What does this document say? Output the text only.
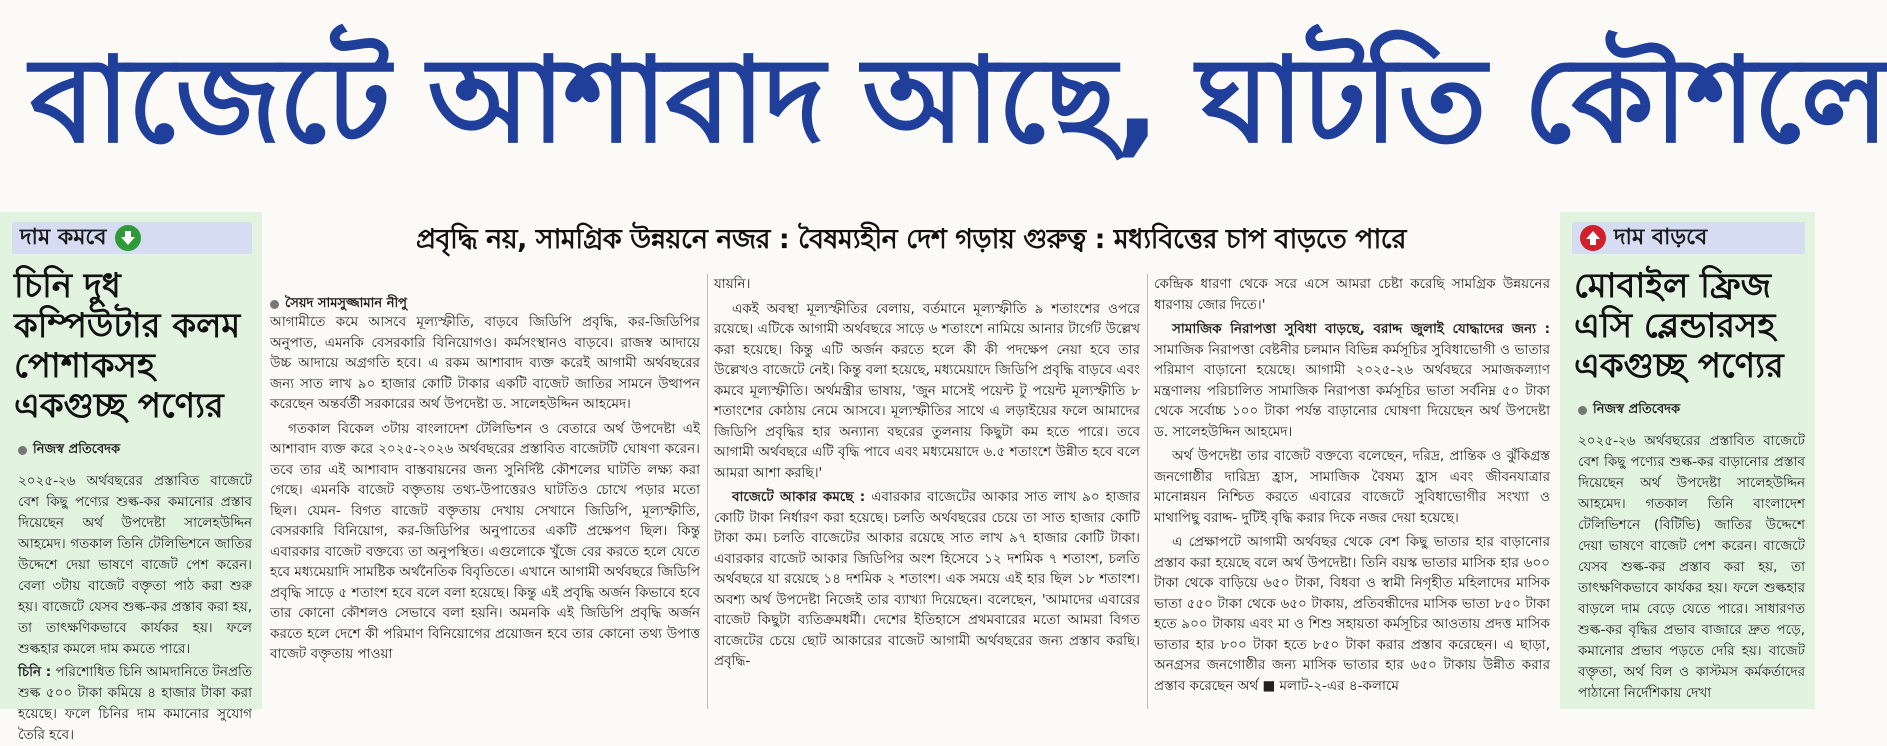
বাজেটে আশাবাদ আছে, ঘাটতি কৌশলে
দাম কমবে
চিনি দুধ কম্পিউটার কলম পোশাকসহ একগুচ্ছ পণ্যের
নিজস্ব প্রতিবেদক
২০২৫-২৬ অর্থবছরের প্রস্তাবিত বাজেটে বেশ কিছু পণ্যের শুল্ক-কর কমানোর প্রস্তাব দিয়েছেন অর্থ উপদেষ্টা সালেহউদ্দিন আহমেদ। গতকাল তিনি টেলিভিশনে জাতির উদ্দেশে দেয়া ভাষণে বাজেট পেশ করেন। বেলা ৩টায় বাজেট বক্তৃতা পাঠ করা শুরু হয়। বাজেটে যেসব শুল্ক-কর প্রস্তাব করা হয়, তা তাৎক্ষণিকভাবে কার্যকর হয়। ফলে শুল্কহার কমলে দাম কমতে পারে।
চিনি : পরিশোধিত চিনি আমদানিতে টনপ্রতি শুল্ক ৫০০ টাকা কমিয়ে ৪ হাজার টাকা করা হয়েছে। ফলে চিনির দাম কমানোর সুযোগ তৈরি হবে।
প্রবৃদ্ধি নয়, সামগ্রিক উন্নয়নে নজর : বৈষম্যহীন দেশ গড়ায় গুরুত্ব : মধ্যবিত্তের চাপ বাড়তে পারে
সৈয়দ সামসুজ্জামান নীপু

আগামীতে কমে আসবে মূল্যস্ফীতি, বাড়বে জিডিপি প্রবৃদ্ধি, কর-জিডিপির অনুপাত, এমনকি বেসরকারি বিনিয়োগও। কর্মসংস্থানও বাড়বে। রাজস্ব আদায়ে উচ্চ আদায়ে অগ্রগতি হবে। এ রকম আশাবাদ ব্যক্ত করেই আগামী অর্থবছরের জন্য সাত লাখ ৯০ হাজার কোটি টাকার একটি বাজেট জাতির সামনে উত্থাপন করেছেন অন্তর্বর্তী সরকারের অর্থ উপদেষ্টা ড. সালেহউদ্দিন আহমেদ।

গতকাল বিকেল ৩টায় বাংলাদেশ টেলিভিশন ও বেতারে অর্থ উপদেষ্টা এই আশাবাদ ব্যক্ত করে ২০২৫-২০২৬ অর্থবছরের প্রস্তাবিত বাজেটটি ঘোষণা করেন। তবে তার এই আশাবাদ বাস্তবায়নের জন্য সুনির্দিষ্ট কৌশলের ঘাটতি লক্ষ্য করা গেছে। এমনকি বাজেট বক্তৃতায় তথ্য-উপাত্তেরও ঘাটতিও চোখে পড়ার মতো ছিল। যেমন- বিগত বাজেট বক্তৃতায় দেখায় সেখানে জিডিপি, মূল্যস্ফীতি, বেসরকারি বিনিয়োগ, কর-জিডিপির অনুপাতের একটি প্রক্ষেপণ ছিল। কিন্তু এবারকার বাজেট বক্তব্যে তা অনুপস্থিত। এগুলোকে খুঁজে বের করতে হলে যেতে হবে মধ্যমেয়াদি সামষ্টিক অর্থনৈতিক বিবৃতিতে। এখানে আগামী অর্থবছরে জিডিপি প্রবৃদ্ধি সাড়ে ৫ শতাংশ হবে বলে বলা হয়েছে। কিন্তু এই প্রবৃদ্ধি অর্জন কিভাবে হবে তার কোনো কৌশলও সেভাবে বলা হয়নি। অমনকি এই জিডিপি প্রবৃদ্ধি অর্জন করতে হলে দেশে কী পরিমাণ বিনিয়োগের প্রয়োজন হবে তার কোনো তথ্য উপাত্ত বাজেট বক্তৃতায় পাওয়া

যায়নি।

একই অবস্থা মূল্যস্ফীতির বেলায়, বর্তমানে মূল্যস্ফীতি ৯ শতাংশের ওপরে রয়েছে। এটিকে আগামী অর্থবছরে সাড়ে ৬ শতাংশে নামিয়ে আনার টার্গেট উল্লেখ করা হয়েছে। কিন্তু এটি অর্জন করতে হলে কী কী পদক্ষেপ নেয়া হবে তার উল্লেখও বাজেটে নেই। কিন্তু বলা হয়েছে, মধ্যমেয়াদে জিডিপি প্রবৃদ্ধি বাড়বে এবং কমবে মূল্যস্ফীতি। অর্থমন্ত্রীর ভাষায়, 'জুন মাসেই পয়েন্ট টু পয়েন্ট মূল্যস্ফীতি ৮ শতাংশের কোঠায় নেমে আসবে। মূল্যস্ফীতির সাথে এ লড়াইয়ের ফলে আমাদের জিডিপি প্রবৃদ্ধির হার অন্যান্য বছরের তুলনায় কিছুটা কম হতে পারে। তবে আগামী অর্থবছরে এটি বৃদ্ধি পাবে এবং মধ্যমেয়াদে ৬.৫ শতাংশে উন্নীত হবে বলে আমরা আশা করছি।'

বাজেটে আকার কমছে : এবারকার বাজেটের আকার সাত লাখ ৯০ হাজার কোটি টাকা নির্ধারণ করা হয়েছে। চলতি অর্থবছরের চেয়ে তা সাত হাজার কোটি টাকা কম। চলতি বাজেটের আকার রয়েছে সাত লাখ ৯৭ হাজার কোটি টাকা। এবারকার বাজেট আকার জিডিপির অংশ হিসেবে ১২ দশমিক ৭ শতাংশ, চলতি অর্থবছরে যা রয়েছে ১৪ দশমিক ২ শতাংশ। এক সময়ে এই হার ছিল ১৮ শতাংশ। অবশ্য অর্থ উপদেষ্টা নিজেই তার ব্যাখ্যা দিয়েছেন। বলেছেন, 'আমাদের এবারের বাজেট কিছুটা ব্যতিক্রমধর্মী। দেশের ইতিহাসে প্রথমবারের মতো আমরা বিগত বাজেটের চেয়ে ছোট আকারের বাজেট আগামী অর্থবছরের জন্য প্রস্তাব করছি। প্রবৃদ্ধি-

কেন্দ্রিক ধারণা থেকে সরে এসে আমরা চেষ্টা করেছি সামগ্রিক উন্নয়নের ধারণায় জোর দিতে।'

সামাজিক নিরাপত্তা সুবিধা বাড়ছে, বরাদ্দ জুলাই যোদ্ধাদের জন্য : সামাজিক নিরাপত্তা বেষ্টনীর চলমান বিভিন্ন কর্মসূচির সুবিধাভোগী ও ভাতার পরিমাণ বাড়ানো হয়েছে। আগামী ২০২৫-২৬ অর্থবছরে সমাজকল্যাণ মন্ত্রণালয় পরিচালিত সামাজিক নিরাপত্তা কর্মসূচির ভাতা সর্বনিম্ন ৫০ টাকা থেকে সর্বোচ্চ ১০০ টাকা পর্যন্ত বাড়ানোর ঘোষণা দিয়েছেন অর্থ উপদেষ্টা ড. সালেহউদ্দিন আহমেদ।

অর্থ উপদেষ্টা তার বাজেট বক্তব্যে বলেছেন, দরিদ্র, প্রান্তিক ও ঝুঁকিগ্রস্ত জনগোষ্ঠীর দারিদ্র্য হ্রাস, সামাজিক বৈষম্য হ্রাস এবং জীবনযাত্রার মানোন্নয়ন নিশ্চিত করতে এবারের বাজেটে সুবিধাভোগীর সংখ্যা ও মাথাপিছু বরাদ্দ- দুটিই বৃদ্ধি করার দিকে নজর দেয়া হয়েছে।

এ প্রেক্ষাপটে আগামী অর্থবছর থেকে বেশ কিছু ভাতার হার বাড়ানোর প্রস্তাব করা হয়েছে বলে অর্থ উপদেষ্টা। তিনি বয়স্ক ভাতার মাসিক হার ৬০০ টাকা থেকে বাড়িয়ে ৬৫০ টাকা, বিধবা ও স্বামী নিগৃহীত মহিলাদের মাসিক ভাতা ৫৫০ টাকা থেকে ৬৫০ টাকায়, প্রতিবন্ধীদের মাসিক ভাতা ৮৫০ টাকা হতে ৯০০ টাকায় এবং মা ও শিশু সহায়তা কর্মসূচির আওতায় প্রদত্ত মাসিক ভাতার হার ৮০০ টাকা হতে ৮৫০ টাকা করার প্রস্তাব করেছেন। এ ছাড়া, অনগ্রসর জনগোষ্ঠীর জন্য মাসিক ভাতার হার ৬৫০ টাকায় উন্নীত করার প্রস্তাব করেছেন অর্থ ■ মলাট-২-এর ৪-কলামে

দাম বাড়বে
মোবাইল ফ্রিজ এসি ব্লেন্ডারসহ একগুচ্ছ পণ্যের
নিজস্ব প্রতিবেদক
২০২৫-২৬ অর্থবছরের প্রস্তাবিত বাজেটে বেশ কিছু পণ্যের শুল্ক-কর বাড়ানোর প্রস্তাব দিয়েছেন অর্থ উপদেষ্টা সালেহউদ্দিন আহমেদ। গতকাল তিনি বাংলাদেশ টেলিভিশনে (বিটিভি) জাতির উদ্দেশে দেয়া ভাষণে বাজেট পেশ করেন। বাজেটে যেসব শুল্ক-কর প্রস্তাব করা হয়, তা তাৎক্ষণিকভাবে কার্যকর হয়। ফলে শুল্কহার বাড়লে দাম বেড়ে যেতে পারে। সাধারণত শুল্ক-কর বৃদ্ধির প্রভাব বাজারে দ্রুত পড়ে, কমানোর প্রভাব পড়তে দেরি হয়। বাজেট বক্তৃতা, অর্থ বিল ও কাস্টমস কর্মকর্তাদের পাঠানো নির্দেশিকায় দেখা
